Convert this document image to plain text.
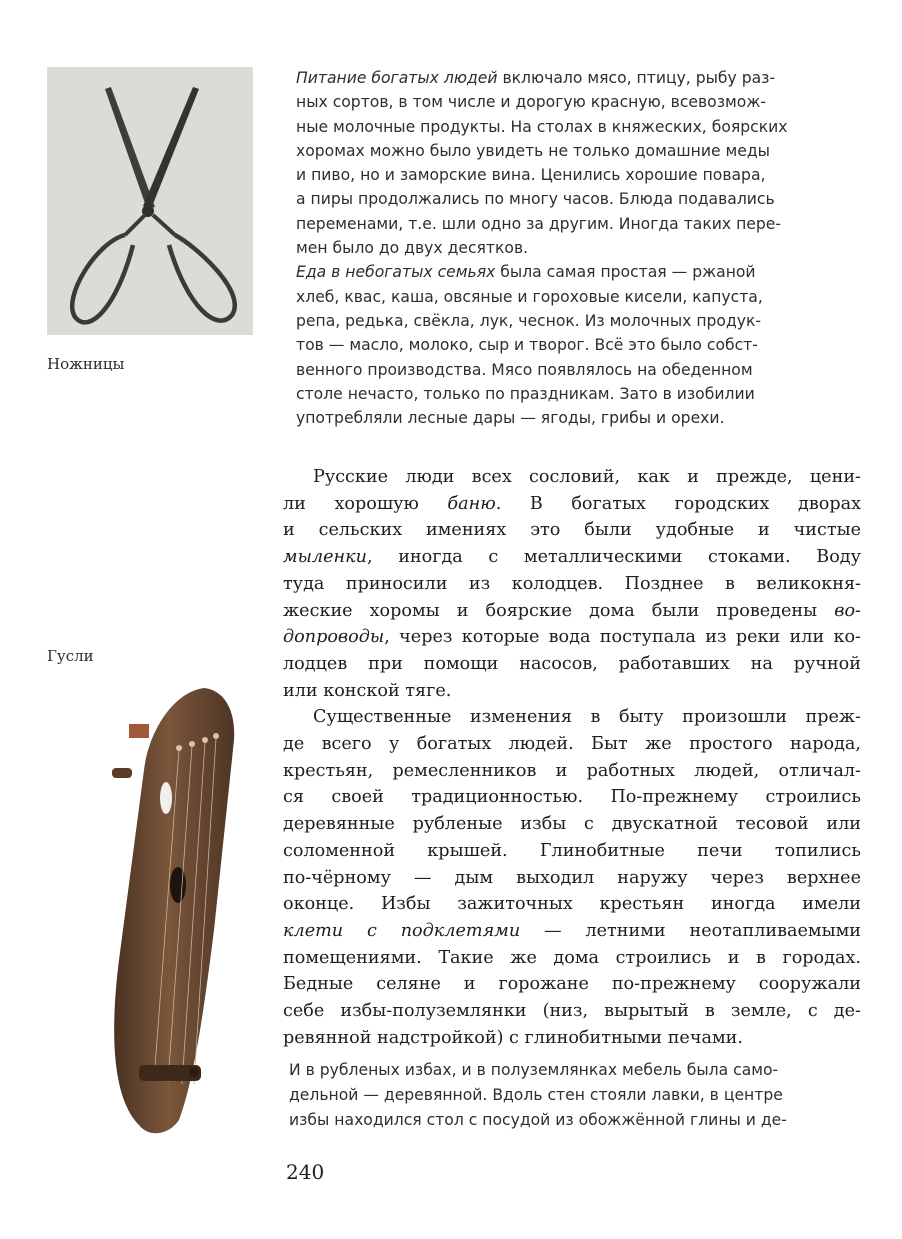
Ножницы
Питание богатых людей включало мясо, птицу, рыбу раз-
ных сортов, в том числе и дорогую красную, всевозмож-
ные молочные продукты. На столах в княжеских, боярских
хоромах можно было увидеть не только домашние меды
и пиво, но и заморские вина. Ценились хорошие повара,
а пиры продолжались по многу часов. Блюда подавались
переменами, т.е. шли одно за другим. Иногда таких пере-
мен было до двух десятков.
Еда в небогатых семьях была самая простая — ржаной
хлеб, квас, каша, овсяные и гороховые кисели, капуста,
репа, редька, свёкла, лук, чеснок. Из молочных продук-
тов — масло, молоко, сыр и творог. Всё это было собст-
венного производства. Мясо появлялось на обеденном
столе нечасто, только по праздникам. Зато в изобилии
употребляли лесные дары — ягоды, грибы и орехи.
Русские люди всех сословий, как и прежде, цени-
ли хорошую баню. В богатых городских дворах
и сельских имениях это были удобные и чистые
мыленки, иногда с металлическими стоками. Воду
туда приносили из колодцев. Позднее в великокня-
жеские хоромы и боярские дома были проведены во-
допроводы, через которые вода поступала из реки или ко-
лодцев при помощи насосов, работавших на ручной
или конской тяге.
Существенные изменения в быту произошли преж-
де всего у богатых людей. Быт же простого народа,
крестьян, ремесленников и работных людей, отличал-
ся своей традиционностью. По-прежнему строились
деревянные рубленые избы с двускатной тесовой или
соломенной крышей. Глинобитные печи топились
по-чёрному — дым выходил наружу через верхнее
оконце. Избы зажиточных крестьян иногда имели
клети с подклетями — летними неотапливаемыми
помещениями. Такие же дома строились и в городах.
Бедные селяне и горожане по-прежнему сооружали
себе избы-полуземлянки (низ, вырытый в земле, с де-
ревянной надстройкой) с глинобитными печами.
Гусли
И в рубленых избах, и в полуземлянках мебель была само-
дельной — деревянной. Вдоль стен стояли лавки, в центре
избы находился стол с посудой из обожжённой глины и де-
240
